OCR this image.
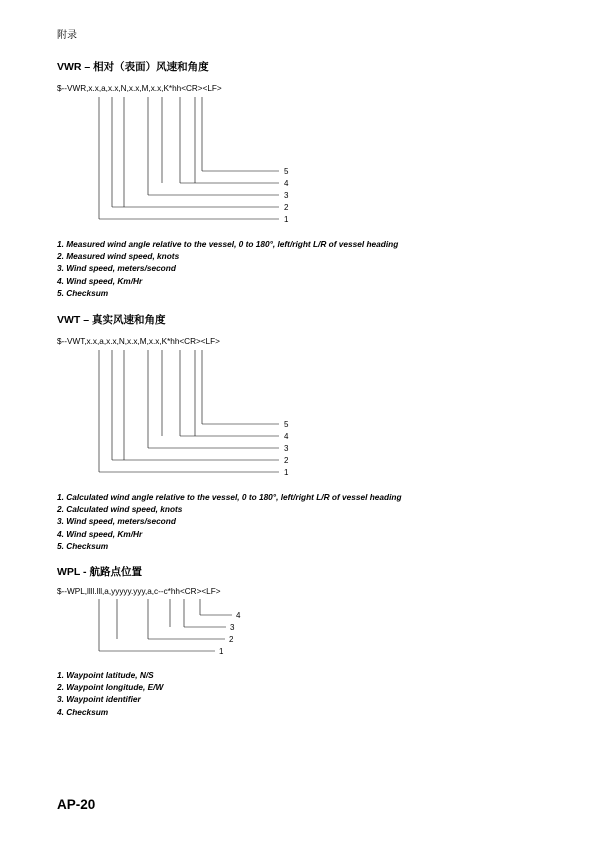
附录
VWR – 相对（表面）风速和角度
$--VWR,x.x,a,x.x,N,x.x,M,x.x,K*hh<CR><LF>
5
4
3
2
1
1. Measured wind angle relative to the vessel, 0 to 180°, left/right L/R of vessel heading
2. Measured wind speed, knots
3. Wind speed, meters/second
4. Wind speed, Km/Hr
5. Checksum
VWT – 真实风速和角度
$--VWT,x.x,a,x.x,N,x.x,M,x.x,K*hh<CR><LF>
5
4
3
2
1
1. Calculated wind angle relative to the vessel, 0 to 180°, left/right L/R of vessel heading
2. Calculated wind speed, knots
3. Wind speed, meters/second
4. Wind speed, Km/Hr
5. Checksum
WPL - 航路点位置
$--WPL,llll.lll,a,yyyyy.yyy,a,c--c*hh<CR><LF>
4
3
2
1
1. Waypoint latitude, N/S
2. Waypoint longitude, E/W
3. Waypoint identifier
4. Checksum
AP-20
